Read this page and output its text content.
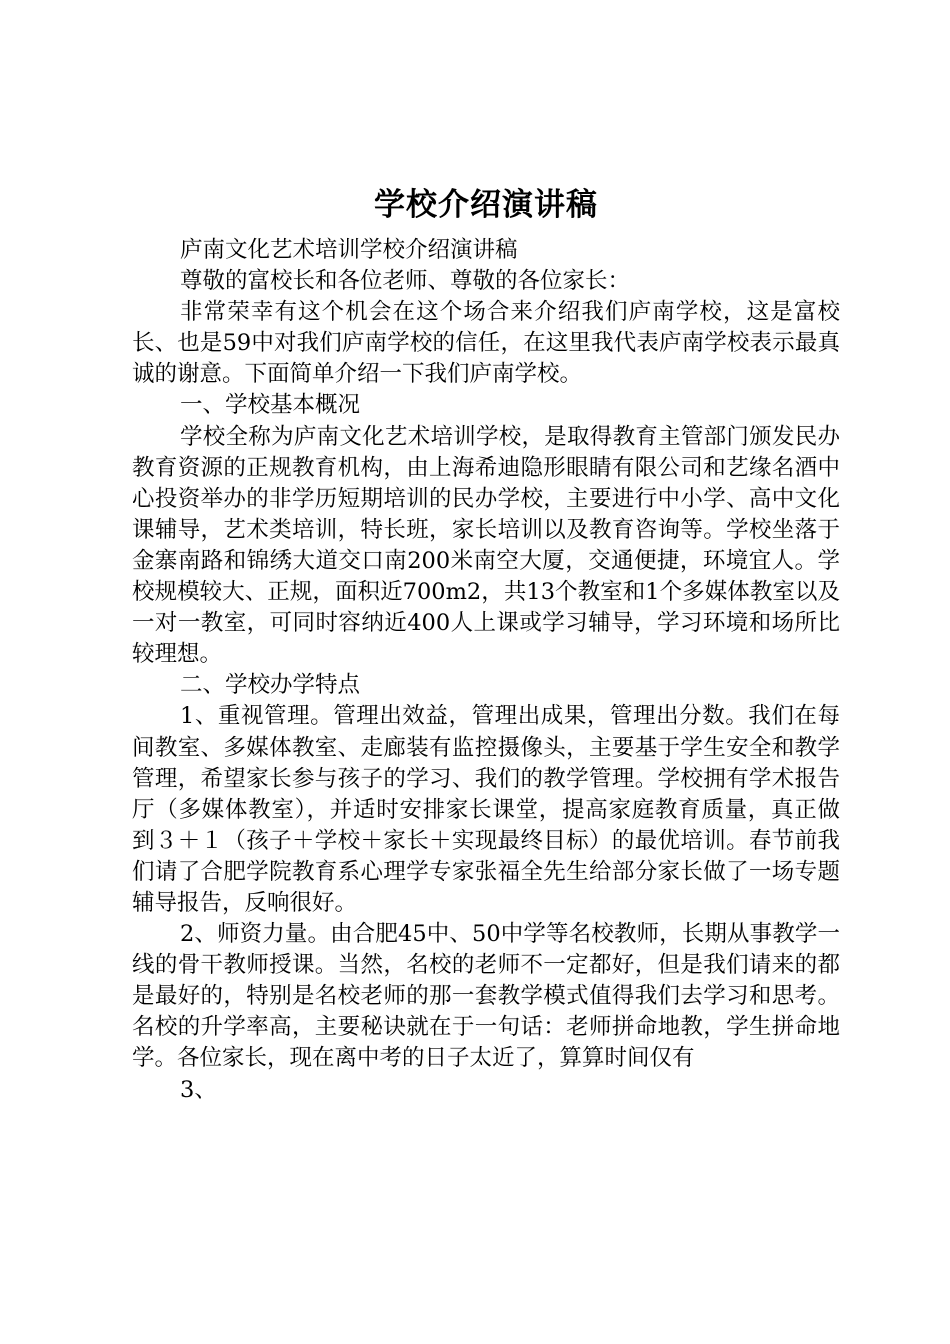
学校介绍演讲稿

庐南文化艺术培训学校介绍演讲稿

尊敬的富校长和各位老师、尊敬的各位家长：

非常荣幸有这个机会在这个场合来介绍我们庐南学校，这是富校长、也是59中对我们庐南学校的信任，在这里我代表庐南学校表示最真诚的谢意。下面简单介绍一下我们庐南学校。

一、学校基本概况

学校全称为庐南文化艺术培训学校，是取得教育主管部门颁发民办教育资源的正规教育机构，由上海希迪隐形眼睛有限公司和艺缘名酒中心投资举办的非学历短期培训的民办学校，主要进行中小学、高中文化课辅导，艺术类培训，特长班，家长培训以及教育咨询等。学校坐落于金寨南路和锦绣大道交口南200米南空大厦，交通便捷，环境宜人。学校规模较大、正规，面积近700m2，共13个教室和1个多媒体教室以及一对一教室，可同时容纳近400人上课或学习辅导，学习环境和场所比较理想。

二、学校办学特点

1、重视管理。管理出效益，管理出成果，管理出分数。我们在每间教室、多媒体教室、走廊装有监控摄像头，主要基于学生安全和教学管理，希望家长参与孩子的学习、我们的教学管理。学校拥有学术报告厅（多媒体教室），并适时安排家长课堂，提高家庭教育质量，真正做到３＋１（孩子＋学校＋家长＋实现最终目标）的最优培训。春节前我们请了合肥学院教育系心理学专家张福全先生给部分家长做了一场专题辅导报告，反响很好。

2、师资力量。由合肥45中、50中学等名校教师，长期从事教学一线的骨干教师授课。当然，名校的老师不一定都好，但是我们请来的都是最好的，特别是名校老师的那一套教学模式值得我们去学习和思考。名校的升学率高，主要秘诀就在于一句话：老师拼命地教，学生拼命地学。各位家长，现在离中考的日子太近了，算算时间仅有

3、
